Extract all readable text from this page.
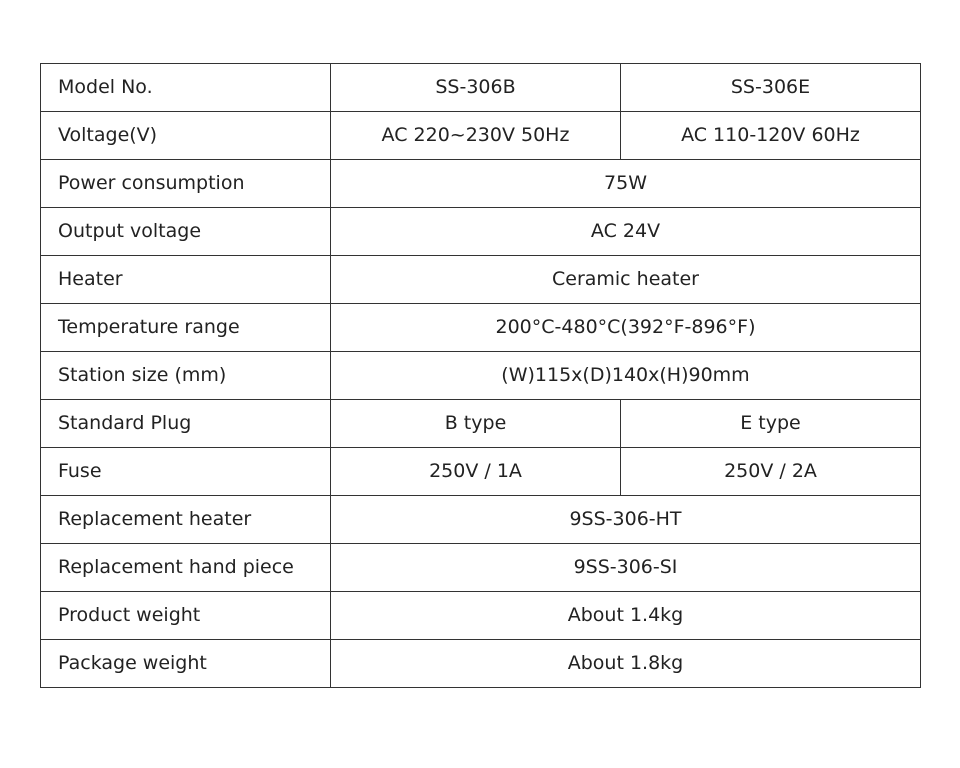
Model No.	SS-306B	SS-306E
Voltage(V)	AC 220~230V 50Hz	AC 110-120V 60Hz
Power consumption	75W	
Output voltage	AC 24V	
Heater	Ceramic heater	
Temperature range	200°C-480°C(392°F-896°F)	
Station size (mm)	(W)115x(D)140x(H)90mm	
Standard Plug	B type	E type
Fuse	250V / 1A	250V / 2A
Replacement heater	9SS-306-HT	
Replacement hand piece	9SS-306-SI	
Product weight	About 1.4kg	
Package weight	About 1.8kg	
